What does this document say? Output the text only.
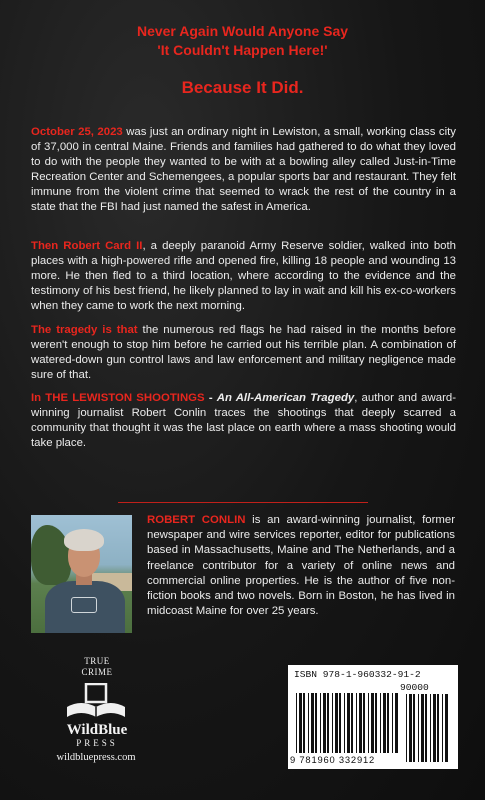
Never Again Would Anyone Say
'It Couldn't Happen Here!'
Because It Did.

October 25, 2023 was just an ordinary night in Lewiston, a small, working class city of 37,000 in central Maine. Friends and families had gathered to do what they loved to do with the people they wanted to be with at a bowling alley called Just-in-Time Recreation Center and Schemengees, a popular sports bar and restaurant. They felt immune from the violent crime that seemed to wrack the rest of the country in a state that the FBI had just named the safest in America.

Then Robert Card II, a deeply paranoid Army Reserve soldier, walked into both places with a high-powered rifle and opened fire, killing 18 people and wounding 13 more. He then fled to a third location, where according to the evidence and the testimony of his best friend, he likely planned to lay in wait and kill his ex-co-workers when they came to work the next morning.

The tragedy is that the numerous red flags he had raised in the months before weren't enough to stop him before he carried out his terrible plan. A combination of watered-down gun control laws and law enforcement and military negligence made sure of that.

In THE LEWISTON SHOOTINGS - An All-American Tragedy, author and award-winning journalist Robert Conlin traces the shootings that deeply scarred a community that thought it was the last place on earth where a mass shooting would take place.

ROBERT CONLIN is an award-winning journalist, former newspaper and wire services reporter, editor for publications based in Massachusetts, Maine and The Netherlands, and a freelance contributor for a variety of online news and commercial online properties. He is the author of five non-fiction books and two novels. Born in Boston, he has lived in midcoast Maine for over 25 years.

TRUE
CRIME
WildBlue
PRESS
wildbluepress.com
ISBN 978-1-960332-91-2
90000
9 781960 332912
